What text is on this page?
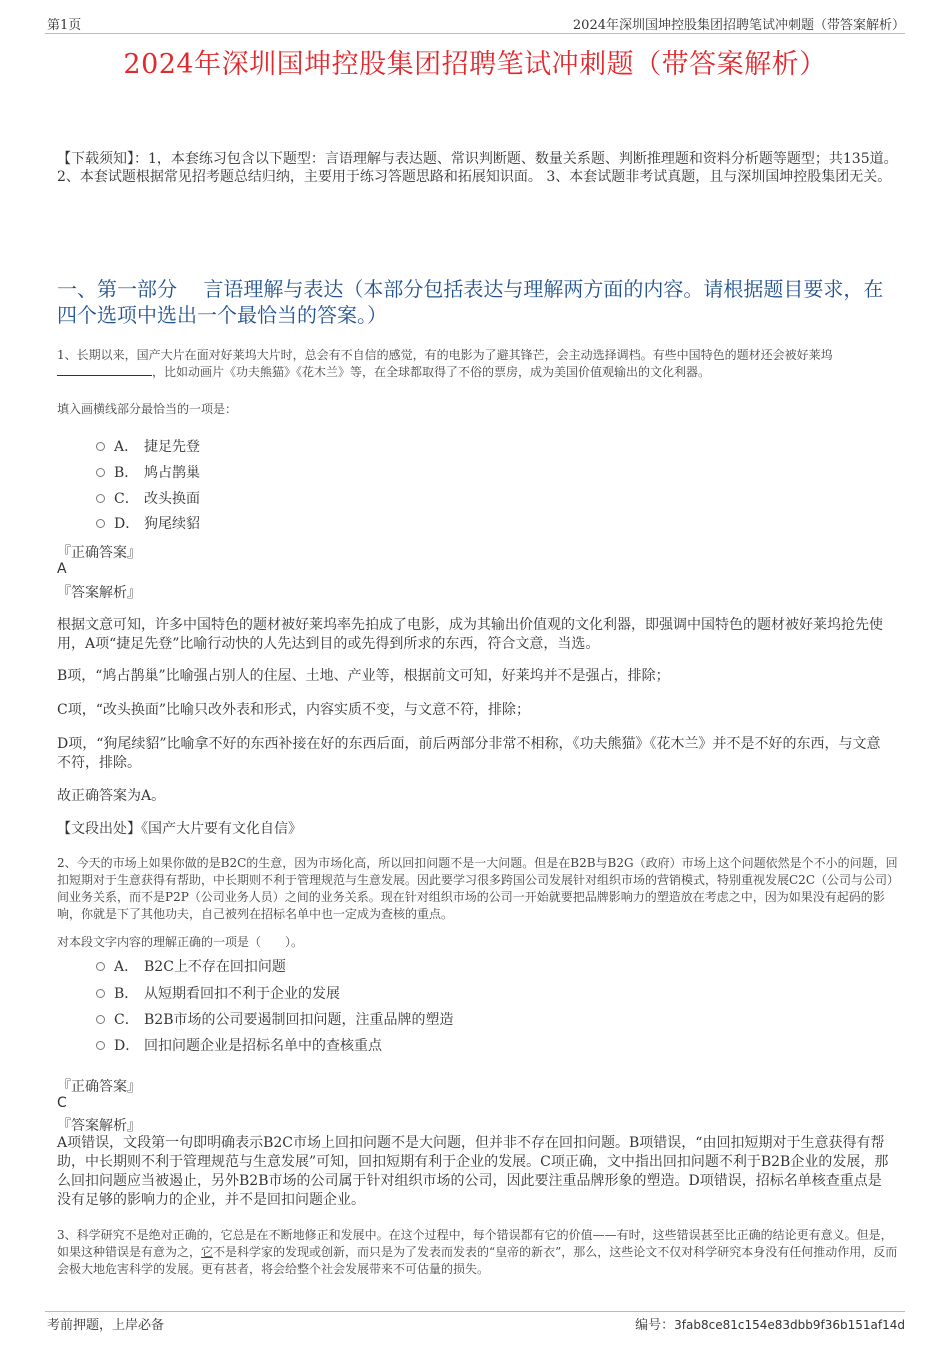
第1页	2024年深圳国坤控股集团招聘笔试冲刺题（带答案解析）
2024年深圳国坤控股集团招聘笔试冲刺题（带答案解析）
【下载须知】：1，本套练习包含以下题型：言语理解与表达题、常识判断题、数量关系题、判断推理题和资料分析题等题型；共135道。 2、本套试题根据常见招考题总结归纳，主要用于练习答题思路和拓展知识面。 3、本套试题非考试真题，且与深圳国坤控股集团无关。
一、第一部分　 言语理解与表达（本部分包括表达与理解两方面的内容。请根据题目要求，在四个选项中选出一个最恰当的答案。）
1、长期以来，国产大片在面对好莱坞大片时，总会有不自信的感觉，有的电影为了避其锋芒，会主动选择调档。有些中国特色的题材还会被好莱坞，比如动画片《功夫熊猫》《花木兰》等，在全球都取得了不俗的票房，成为美国价值观输出的文化利器。
填入画横线部分最恰当的一项是：
A． 捷足先登
B． 鸠占鹊巢
C． 改头换面
D． 狗尾续貂
『正确答案』
A
『答案解析』
根据文意可知，许多中国特色的题材被好莱坞率先拍成了电影，成为其输出价值观的文化利器，即强调中国特色的题材被好莱坞抢先使用，A项“捷足先登”比喻行动快的人先达到目的或先得到所求的东西，符合文意，当选。
B项，“鸠占鹊巢”比喻强占别人的住屋、土地、产业等，根据前文可知，好莱坞并不是强占，排除；
C项，“改头换面”比喻只改外表和形式，内容实质不变，与文意不符，排除；
D项，“狗尾续貂”比喻拿不好的东西补接在好的东西后面，前后两部分非常不相称，《功夫熊猫》《花木兰》并不是不好的东西，与文意不符，排除。
故正确答案为A。
【文段出处】《国产大片要有文化自信》
2、今天的市场上如果你做的是B2C的生意，因为市场化高，所以回扣问题不是一大问题。但是在B2B与B2G（政府）市场上这个问题依然是个不小的问题，回扣短期对于生意获得有帮助，中长期则不利于管理规范与生意发展。因此要学习很多跨国公司发展针对组织市场的营销模式，特别重视发展C2C（公司与公司）间业务关系，而不是P2P（公司业务人员）之间的业务关系。现在针对组织市场的公司一开始就要把品牌影响力的塑造放在考虑之中，因为如果没有起码的影响，你就是下了其他功夫，自己被列在招标名单中也一定成为查核的重点。
对本段文字内容的理解正确的一项是（　　）。
A． B2C上不存在回扣问题
B． 从短期看回扣不利于企业的发展
C． B2B市场的公司要遏制回扣问题，注重品牌的塑造
D． 回扣问题企业是招标名单中的查核重点
『正确答案』
C
『答案解析』
A项错误，文段第一句即明确表示B2C市场上回扣问题不是大问题，但并非不存在回扣问题。B项错误，“由回扣短期对于生意获得有帮助，中长期则不利于管理规范与生意发展”可知，回扣短期有利于企业的发展。C项正确，文中指出回扣问题不利于B2B企业的发展，那么回扣问题应当被遏止，另外B2B市场的公司属于针对组织市场的公司，因此要注重品牌形象的塑造。D项错误，招标名单核查重点是没有足够的影响力的企业，并不是回扣问题企业。
3、科学研究不是绝对正确的，它总是在不断地修正和发展中。在这个过程中，每个错误都有它的价值——有时，这些错误甚至比正确的结论更有意义。但是，如果这种错误是有意为之，它不是科学家的发现或创新，而只是为了发表而发表的“皇帝的新衣”，那么，这些论文不仅对科学研究本身没有任何推动作用，反而会极大地危害科学的发展。更有甚者，将会给整个社会发展带来不可估量的损失。
考前押题，上岸必备	编号：3fab8ce81c154e83dbb9f36b151af14d
